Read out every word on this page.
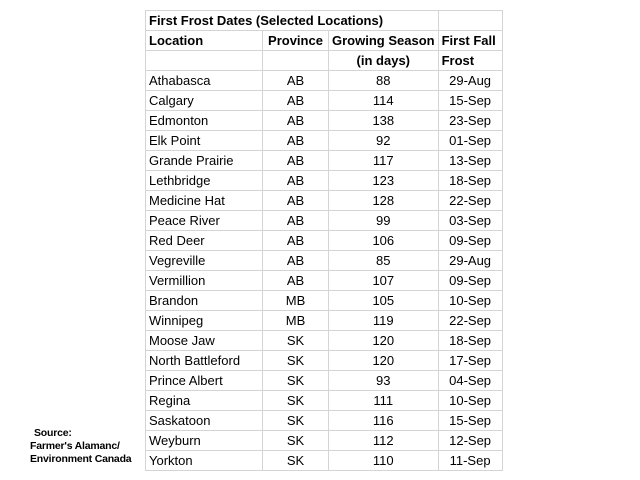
First Frost Dates (Selected Locations)			
Location	Province	Growing Season	First Fall
		(in days)	Frost
Athabasca	AB	88	29-Aug
Calgary	AB	114	15-Sep
Edmonton	AB	138	23-Sep
Elk Point	AB	92	01-Sep
Grande Prairie	AB	117	13-Sep
Lethbridge	AB	123	18-Sep
Medicine Hat	AB	128	22-Sep
Peace River	AB	99	03-Sep
Red Deer	AB	106	09-Sep
Vegreville	AB	85	29-Aug
Vermillion	AB	107	09-Sep
Brandon	MB	105	10-Sep
Winnipeg	MB	119	22-Sep
Moose Jaw	SK	120	18-Sep
North Battleford	SK	120	17-Sep
Prince Albert	SK	93	04-Sep
Regina	SK	111	10-Sep
Saskatoon	SK	116	15-Sep
Weyburn	SK	112	12-Sep
Yorkton	SK	110	11-Sep
Source:
Farmer's Alamanc/
Environment Canada
